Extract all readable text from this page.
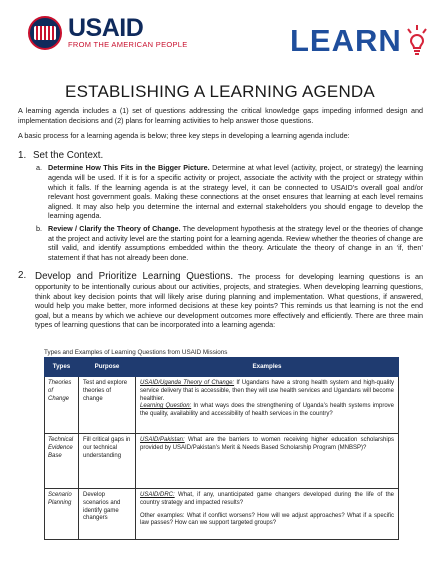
USAID
FROM THE AMERICAN PEOPLE	LEARN
ESTABLISHING A LEARNING AGENDA

A learning agenda includes a (1) set of questions addressing the critical knowledge gaps impeding informed design and implementation decisions and (2) plans for learning activities to help answer those questions.

A basic process for a learning agenda is below; three key steps in developing a learning agenda include:

1. Set the Context.
a. Determine How This Fits in the Bigger Picture. Determine at what level (activity, project, or strategy) the learning agenda will be used. If it is for a specific activity or project, associate the activity with the project or strategy within which it falls. If the learning agenda is at the strategy level, it can be connected to USAID’s overall goal and/or relevant host government goals. Making these connections at the onset ensures that learning at each level remains aligned. It may also help you determine the internal and external stakeholders you should engage to develop the learning agenda.
b. Review / Clarify the Theory of Change. The development hypothesis at the strategy level or the theories of change at the project and activity level are the starting point for a learning agenda. Review whether the theories of change are still valid, and identify assumptions embedded within the theory. Articulate the theory of change in an ‘if, then’ statement if that has not already been done.
2. Develop and Prioritize Learning Questions. The process for developing learning questions is an opportunity to be intentionally curious about our activities, projects, and strategies. When developing learning questions, think about key decision points that will likely arise during planning and implementation. What questions, if answered, would help you make better, more informed decisions at these key points? This reminds us that learning is not the end goal, but a means by which we achieve our development outcomes more effectively and efficiently. There are three main types of learning questions that can be incorporated into a learning agenda:
Types and Examples of Learning Questions from USAID Missions
Types	Purpose	Examples
Theories of Change	Test and explore theories of change	USAID/Uganda Theory of Change: If Ugandans have a strong health system and high-quality service delivery that is accessible, then they will use health services and Ugandans will become healthier.
Learning Question: In what ways does the strengthening of Uganda’s health systems improve the quality, availability and accessibility of health services in the country?
Technical Evidence Base	Fill critical gaps in our technical understanding	USAID/Pakistan: What are the barriers to women receiving higher education scholarships provided by USAID/Pakistan’s Merit & Needs Based Scholarship Program (MNBSP)?
Scenario Planning	Develop scenarios and identify game changers	USAID/DRC: What, if any, unanticipated game changers developed during the life of the country strategy and impacted results?
Other examples: What if conflict worsens? How will we adjust approaches? What if a specific law passes? How can we support targeted groups?
